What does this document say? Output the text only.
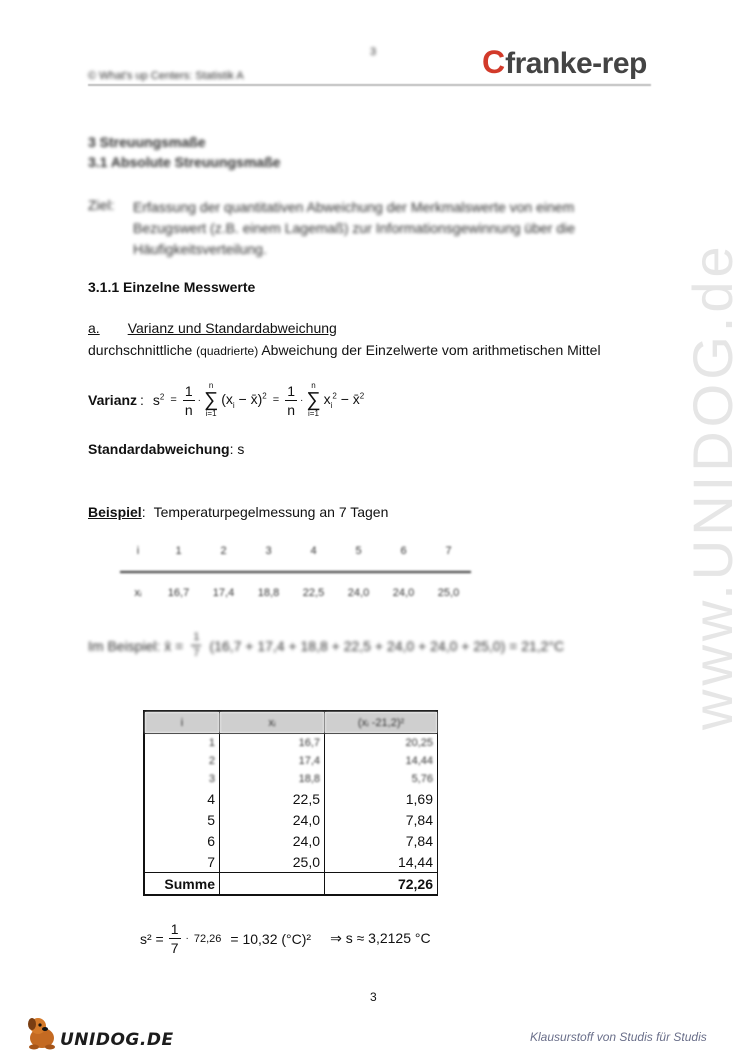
3
© What's up Centers: Statistik A	Cfranke-rep
www.UNIDOG.de
3 Streuungsmaße
3.1 Absolute Streuungsmaße
Ziel: Erfassung der quantitativen Abweichung der Merkmalswerte von einem
Bezugswert (z.B. einem Lagemaß) zur Informationsgewinnung über die
Häufigkeitsverteilung.
3.1.1 Einzelne Messwerte
a. Varianz und Standardabweichung
durchschnittliche (quadrierte) Abweichung der Einzelwerte vom arithmetischen Mittel
Varianz : $s^2 = \frac{1}{n}$ ·
n
∑
i=1
($x_i$ − x̄)$^2$ = $\frac{1}{n}$ ·
n
∑
i=1
$x_i^2$ − x̄$^2$
Standardabweichung: s
Beispiel: Temperaturpegelmessung an 7 Tagen
i	1	2	3	4	5	6	7
xᵢ	16,7	17,4	18,8	22,5	24,0	24,0	25,0
Im Beispiel: x̄ = $\frac{1}{7} (16,7 + 17,4 + 18,8 + 22,5 + 24,0 + 24,0 + 25,0) = 21,2^\circ C$
i	xᵢ	(xᵢ -21,2)²
1	16,7	20,25
2	17,4	14,44
3	18,8	5,76
4	22,5	1,69
5	24,0	7,84
6	24,0	7,84
7	25,0	14,44
Summe		72,26
$s^2 = \frac{1}{7} \cdot 72,26 = 10,32$ (°C)² ⇒ s ≈ 3,2125 °C
3
UNIDOG.DE	Klausurstoff von Studis für Studis
